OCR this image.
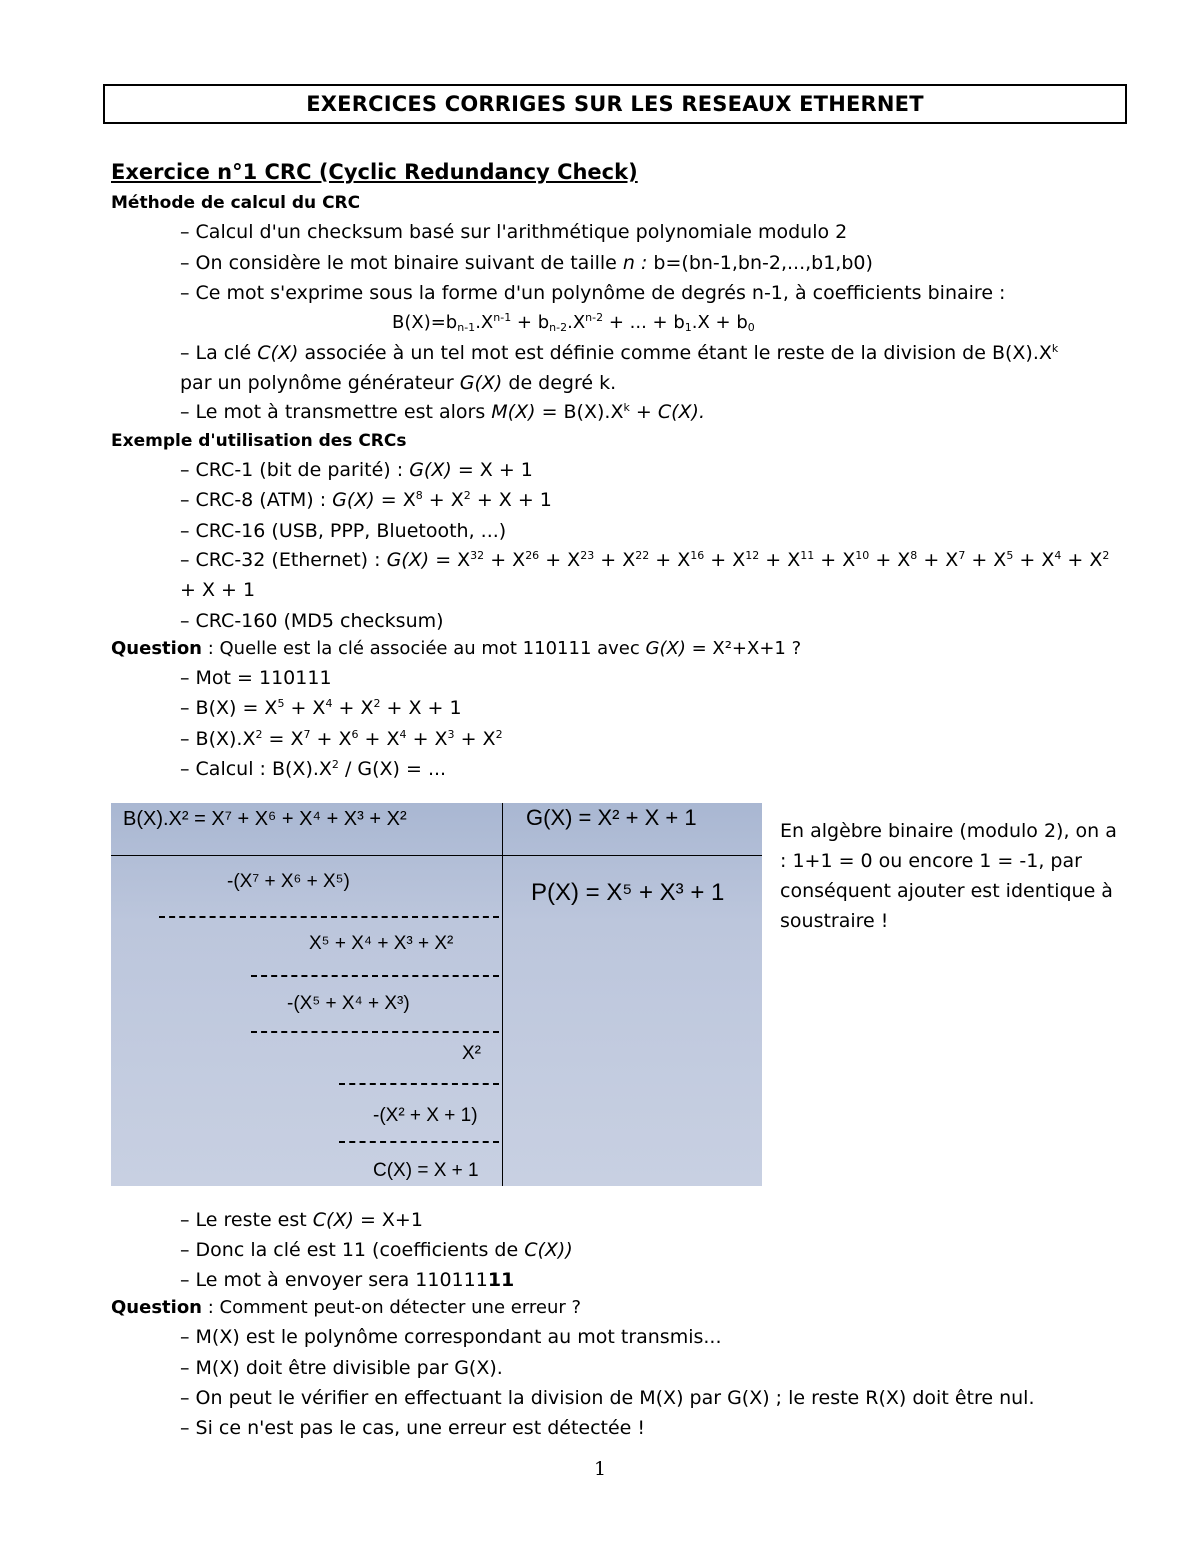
EXERCICES CORRIGES SUR LES RESEAUX ETHERNET
Exercice n°1 CRC (Cyclic Redundancy Check)
Méthode de calcul du CRC
– Calcul d'un checksum basé sur l'arithmétique polynomiale modulo 2
– On considère le mot binaire suivant de taille n : b=(bn-1,bn-2,...,b1,b0)
– Ce mot s'exprime sous la forme d'un polynôme de degrés n-1, à coefficients binaire :
$B(X)=b_{n-1}.X^{n-1} + b_{n-2}.X^{n-2}$ + ... + $b_1.X + b_0$
– La clé C(X) associée à un tel mot est définie comme étant le reste de la division de $B(X).X^k$
par un polynôme générateur G(X) de degré k.
– Le mot à transmettre est alors $M(X) = B(X).X^k + C(X)$.
Exemple d'utilisation des CRCs
– CRC-1 (bit de parité) : G(X) = X + 1
– CRC-8 (ATM) : $G(X) = X^8 + X^2 + X + 1$
– CRC-16 (USB, PPP, Bluetooth, ...)
– CRC-32 (Ethernet) : $G(X) = X^{32} + X^{26} + X^{23} + X^{22} + X^{16} + X^{12} + X^{11} + X^{10} + X^8 + X^7 + X^5 + X^4 + X^2$
+ X + 1
– CRC-160 (MD5 checksum)
Question : Quelle est la clé associée au mot 110111 avec G(X) = X²+X+1 ?
– Mot = 110111
– $B(X) = X^5 + X^4 + X^2 + X + 1$
– $B(X).X^2 = X^7 + X^6 + X^4 + X^3 + X^2$
– Calcul : $B(X).X^2 / G(X)$ = ...
B(X).X² = X⁷ + X⁶ + X⁴ + X³ + X²	G(X) = X² + X + 1
P(X) = X⁵ + X³ + 1
-(X⁷ + X⁶ + X⁵)
X⁵ + X⁴ + X³ + X²
-(X⁵ + X⁴ + X³)
X²
-(X² + X + 1)
C(X) = X + 1
En algèbre binaire (modulo 2), on a : 1+1 = 0 ou encore 1 = -1, par conséquent ajouter est identique à soustraire !
– Le reste est C(X) = X+1
– Donc la clé est 11 (coefficients de C(X))
– Le mot à envoyer sera 11011111
Question : Comment peut-on détecter une erreur ?
– M(X) est le polynôme correspondant au mot transmis...
– M(X) doit être divisible par G(X).
– On peut le vérifier en effectuant la division de M(X) par G(X) ; le reste R(X) doit être nul.
– Si ce n'est pas le cas, une erreur est détectée !
1
